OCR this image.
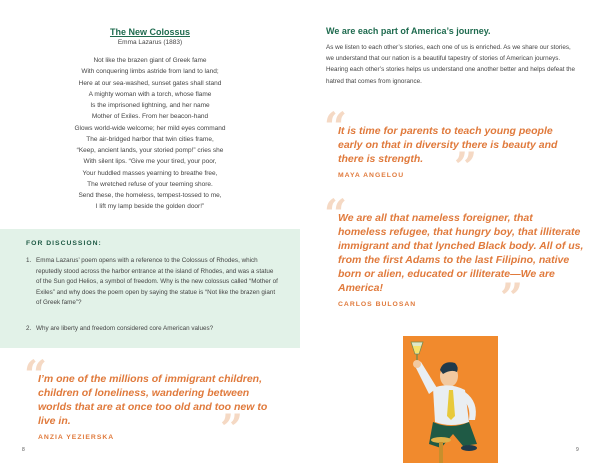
The New Colossus
Emma Lazarus (1883)
Not like the brazen giant of Greek fame
With conquering limbs astride from land to land;
Here at our sea-washed, sunset gates shall stand
A mighty woman with a torch, whose flame
Is the imprisoned lightning, and her name
Mother of Exiles. From her beacon-hand
Glows world-wide welcome; her mild eyes command
The air-bridged harbor that twin cities frame,
“Keep, ancient lands, your storied pomp!” cries she
With silent lips. “Give me your tired, your poor,
Your huddled masses yearning to breathe free,
The wretched refuse of your teeming shore.
Send these, the homeless, tempest-tossed to me,
I lift my lamp beside the golden door!”
FOR DISCUSSION:
1. Emma Lazarus’ poem opens with a reference to the Colossus of Rhodes, which reputedly stood across the harbor entrance at the island of Rhodes, and was a statue of the Sun god Helios, a symbol of freedom. Why is the new colossus called “Mother of Exiles” and why does the poem open by saying the statue is “Not like the brazen giant of Greek fame”?
2. Why are liberty and freedom considered core American values?
“
”
I’m one of the millions of immigrant children, children of loneliness, wandering between worlds that are at once too old and too new to live in.
ANZIA YEZIERSKA
8
We are each part of America’s journey.
As we listen to each other’s stories, each one of us is enriched. As we share our stories, we understand that our nation is a beautiful tapestry of stories of American journeys. Hearing each other’s stories helps us understand one another better and helps defeat the hatred that comes from ignorance.
“
”
It is time for parents to teach young people early on that in diversity there is beauty and there is strength.
MAYA ANGELOU
“
”
We are all that nameless foreigner, that homeless refugee, that hungry boy, that illiterate immigrant and that lynched Black body. All of us, from the first Adams to the last Filipino, native born or alien, educated or illiterate—We are America!
CARLOS BULOSAN
9
